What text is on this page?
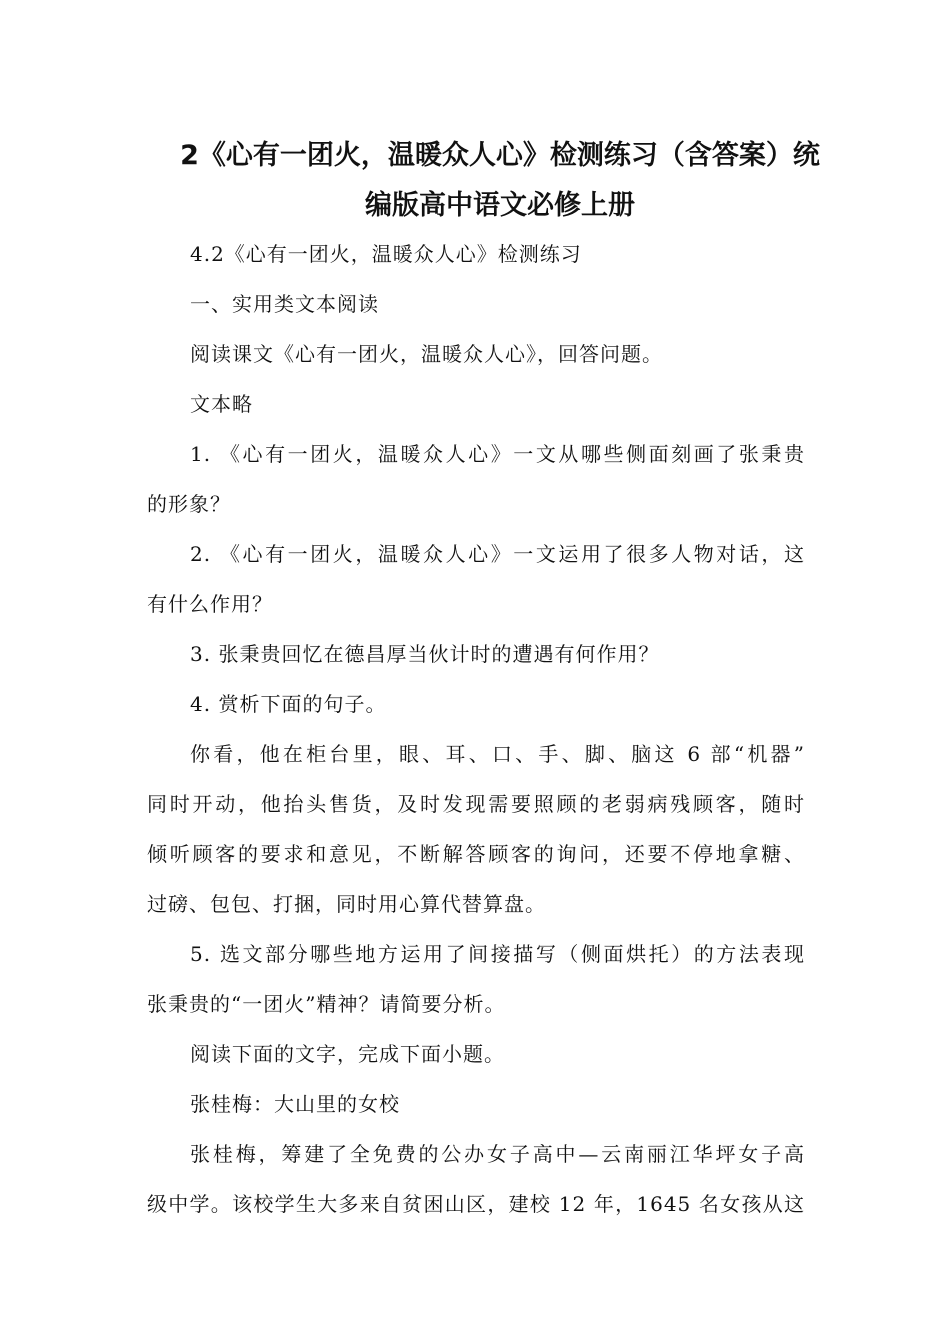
2《心有一团火，温暖众人心》检测练习（含答案）统
编版高中语文必修上册
4.2《心有一团火，温暖众人心》检测练习
一、实用类文本阅读
阅读课文《心有一团火，温暖众人心》，回答问题。
文本略
1. 《心有一团火，温暖众人心》一文从哪些侧面刻画了张秉贵
的形象？
2. 《心有一团火，温暖众人心》一文运用了很多人物对话，这
有什么作用？
3. 张秉贵回忆在德昌厚当伙计时的遭遇有何作用？
4. 赏析下面的句子。
你看，他在柜台里，眼、耳、口、手、脚、脑这 6 部“机器”
同时开动，他抬头售货，及时发现需要照顾的老弱病残顾客，随时
倾听顾客的要求和意见，不断解答顾客的询问，还要不停地拿糖、
过磅、包包、打捆，同时用心算代替算盘。
5. 选文部分哪些地方运用了间接描写（侧面烘托）的方法表现
张秉贵的“一团火”精神？请简要分析。
阅读下面的文字，完成下面小题。
张桂梅：大山里的女校
张桂梅，筹建了全免费的公办女子高中—云南丽江华坪女子高
级中学。该校学生大多来自贫困山区，建校 12 年，1645 名女孩从这
